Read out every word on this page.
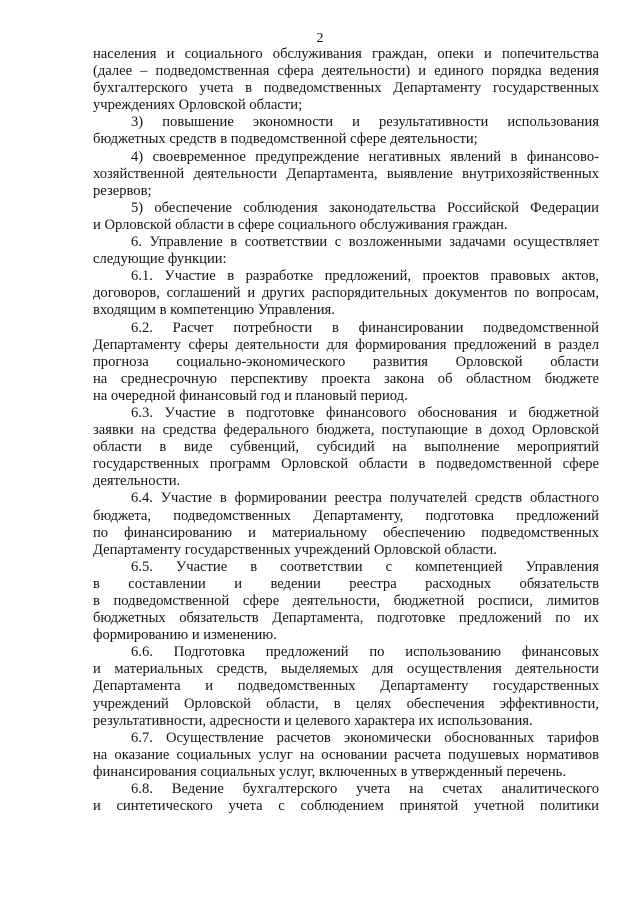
2
населения и социального обслуживания граждан, опеки и попечительства
(далее – подведомственная сфера деятельности) и единого порядка ведения
бухгалтерского учета в подведомственных Департаменту государственных
учреждениях Орловской области;
3) повышение экономности и результативности использования
бюджетных средств в подведомственной сфере деятельности;
4) своевременное предупреждение негативных явлений в финансово-
хозяйственной деятельности Департамента, выявление внутрихозяйственных
резервов;
5) обеспечение соблюдения законодательства Российской Федерации
и Орловской области в сфере социального обслуживания граждан.
6. Управление в соответствии с возложенными задачами осуществляет
следующие функции:
6.1. Участие в разработке предложений, проектов правовых актов,
договоров, соглашений и других распорядительных документов по вопросам,
входящим в компетенцию Управления.
6.2. Расчет потребности в финансировании подведомственной
Департаменту сферы деятельности для формирования предложений в раздел
прогноза социально-экономического развития Орловской области
на среднесрочную перспективу проекта закона об областном бюджете
на очередной финансовый год и плановый период.
6.3. Участие в подготовке финансового обоснования и бюджетной
заявки на средства федерального бюджета, поступающие в доход Орловской
области в виде субвенций, субсидий на выполнение мероприятий
государственных программ Орловской области в подведомственной сфере
деятельности.
6.4. Участие в формировании реестра получателей средств областного
бюджета, подведомственных Департаменту, подготовка предложений
по финансированию и материальному обеспечению подведомственных
Департаменту государственных учреждений Орловской области.
6.5. Участие в соответствии с компетенцией Управления
в составлении и ведении реестра расходных обязательств
в подведомственной сфере деятельности, бюджетной росписи, лимитов
бюджетных обязательств Департамента, подготовке предложений по их
формированию и изменению.
6.6. Подготовка предложений по использованию финансовых
и материальных средств, выделяемых для осуществления деятельности
Департамента и подведомственных Департаменту государственных
учреждений Орловской области, в целях обеспечения эффективности,
результативности, адресности и целевого характера их использования.
6.7. Осуществление расчетов экономически обоснованных тарифов
на оказание социальных услуг на основании расчета подушевых нормативов
финансирования социальных услуг, включенных в утвержденный перечень.
6.8. Ведение бухгалтерского учета на счетах аналитического
и синтетического учета с соблюдением принятой учетной политики
